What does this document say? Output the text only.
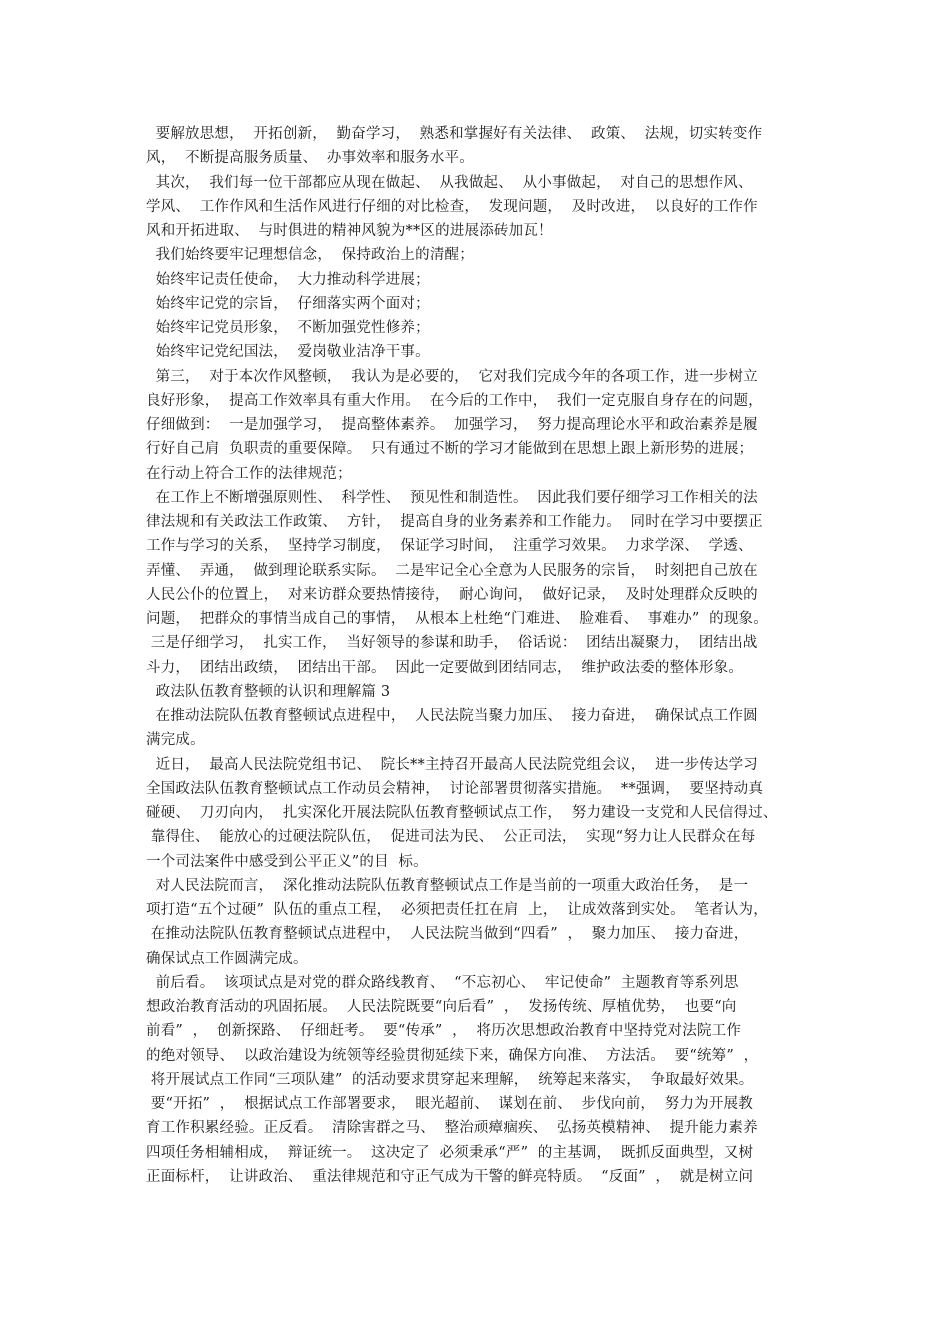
要解放思想，  开拓创新，  勤奋学习，  熟悉和掌握好有关法律、  政策、  法规，切实转变作
风，  不断提高服务质量、  办事效率和服务水平。
其次，  我们每一位干部都应从现在做起、  从我做起、  从小事做起，  对自己的思想作风、
学风、  工作作风和生活作风进行仔细的对比检查，  发现问题，  及时改进，  以良好的工作作
风和开拓进取、  与时俱进的精神风貌为**区的进展添砖加瓦！
我们始终要牢记理想信念，  保持政治上的清醒；
始终牢记责任使命，  大力推动科学进展；
始终牢记党的宗旨，  仔细落实两个面对；
始终牢记党员形象，  不断加强党性修养；
始终牢记党纪国法，  爱岗敬业洁净干事。
第三，  对于本次作风整顿，  我认为是必要的，  它对我们完成今年的各项工作，进一步树立
良好形象，  提高工作效率具有重大作用。  在今后的工作中，  我们一定克服自身存在的问题，
仔细做到：  一是加强学习，  提高整体素养。  加强学习，  努力提高理论水平和政治素养是履
行好自己肩  负职责的重要保障。  只有通过不断的学习才能做到在思想上跟上新形势的进展；
在行动上符合工作的法律规范；
在工作上不断增强原则性、  科学性、  预见性和制造性。  因此我们要仔细学习工作相关的法
律法规和有关政法工作政策、  方针，  提高自身的业务素养和工作能力。  同时在学习中要摆正
工作与学习的关系，  坚持学习制度，  保证学习时间，  注重学习效果。  力求学深、  学透、
弄懂、  弄通，  做到理论联系实际。  二是牢记全心全意为人民服务的宗旨，  时刻把自己放在
人民公仆的位置上，  对来访群众要热情接待，  耐心询问，  做好记录，  及时处理群众反映的
问题，  把群众的事情当成自己的事情，  从根本上杜绝“门难进、  脸难看、  事难办”  的现象。
三是仔细学习，  扎实工作，  当好领导的参谋和助手，  俗话说：  团结出凝聚力，  团结出战
斗力，  团结出政绩，  团结出干部。  因此一定要做到团结同志，  维护政法委的整体形象。
政法队伍教育整顿的认识和理解篇 3
在推动法院队伍教育整顿试点进程中，  人民法院当聚力加压、  接力奋进，  确保试点工作圆
满完成。
近日，  最高人民法院党组书记、  院长**主持召开最高人民法院党组会议，  进一步传达学习
全国政法队伍教育整顿试点工作动员会精神，  讨论部署贯彻落实措施。  **强调，  要坚持动真
碰硬、  刀刃向内，  扎实深化开展法院队伍教育整顿试点工作，  努力建设一支党和人民信得过、
靠得住、  能放心的过硬法院队伍，  促进司法为民、  公正司法，  实现“努力让人民群众在每
一个司法案件中感受到公平正义”的目  标。
对人民法院而言，  深化推动法院队伍教育整顿试点工作是当前的一项重大政治任务，  是一
项打造“五个过硬”  队伍的重点工程，  必须把责任扛在肩  上，  让成效落到实处。  笔者认为，
在推动法院队伍教育整顿试点进程中，  人民法院当做到“四看”  ，  聚力加压、  接力奋进，
确保试点工作圆满完成。
前后看。  该项试点是对党的群众路线教育、  “不忘初心、  牢记使命”  主题教育等系列思
想政治教育活动的巩固拓展。  人民法院既要“向后看”  ，  发扬传统、厚植优势，  也要“向
前看”  ，  创新探路、  仔细赶考。  要“传承”  ，  将历次思想政治教育中坚持党对法院工作
的绝对领导、  以政治建设为统领等经验贯彻延续下来，确保方向准、  方法活。  要“统筹”  ，
将开展试点工作同“三项队建”  的活动要求贯穿起来理解，  统筹起来落实，  争取最好效果。
要“开拓”  ，  根据试点工作部署要求，  眼光超前、  谋划在前、  步伐向前，  努力为开展教
育工作积累经验。正反看。  清除害群之马、  整治顽瘴痼疾、  弘扬英模精神、  提升能力素养
四项任务相辅相成，  辩证统一。  这决定了  必须秉承“严”  的主基调，  既抓反面典型，又树
正面标杆，  让讲政治、  重法律规范和守正气成为干警的鲜亮特质。  “反面”  ，  就是树立问
